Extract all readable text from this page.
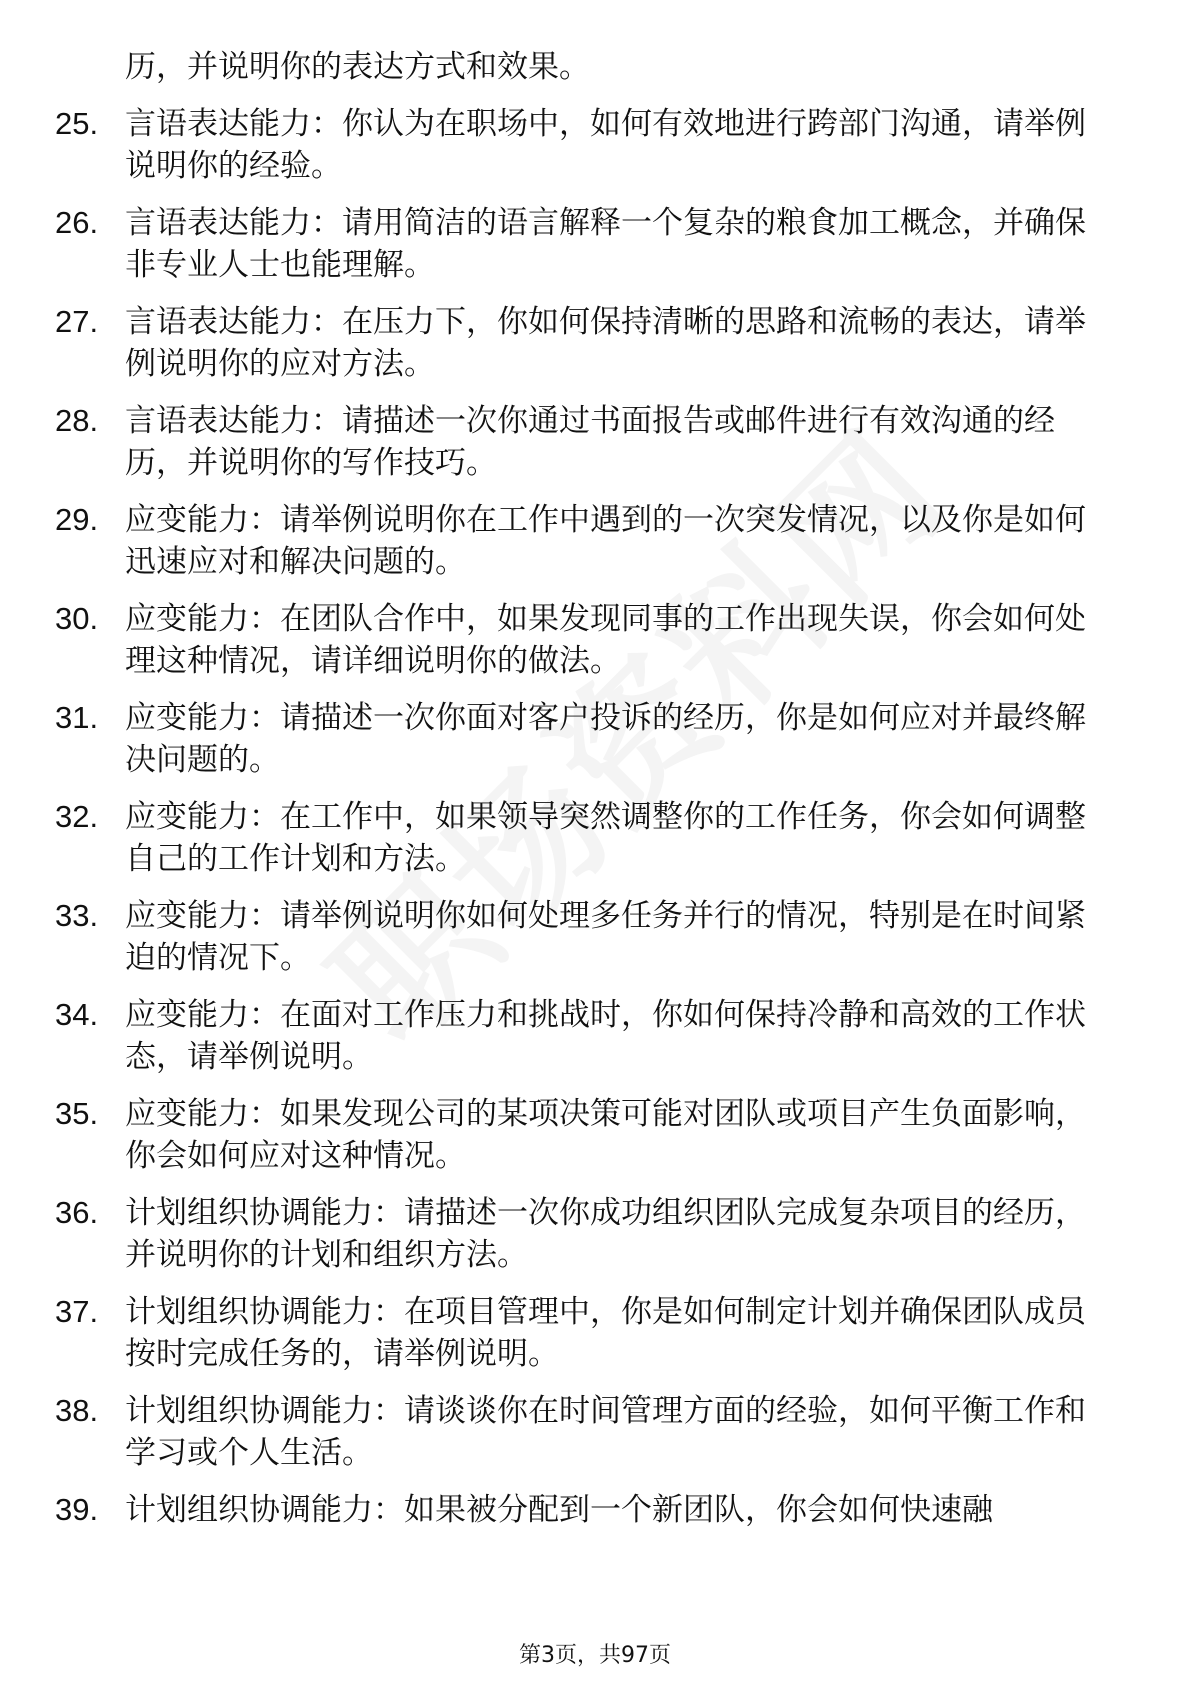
历，并说明你的表达方式和效果。
25. 言语表达能力：你认为在职场中，如何有效地进行跨部门沟通，请举例说明你的经验。
26. 言语表达能力：请用简洁的语言解释一个复杂的粮食加工概念，并确保非专业人士也能理解。
27. 言语表达能力：在压力下，你如何保持清晰的思路和流畅的表达，请举例说明你的应对方法。
28. 言语表达能力：请描述一次你通过书面报告或邮件进行有效沟通的经历，并说明你的写作技巧。
29. 应变能力：请举例说明你在工作中遇到的一次突发情况，以及你是如何迅速应对和解决问题的。
30. 应变能力：在团队合作中，如果发现同事的工作出现失误，你会如何处理这种情况，请详细说明你的做法。
31. 应变能力：请描述一次你面对客户投诉的经历，你是如何应对并最终解决问题的。
32. 应变能力：在工作中，如果领导突然调整你的工作任务，你会如何调整自己的工作计划和方法。
33. 应变能力：请举例说明你如何处理多任务并行的情况，特别是在时间紧迫的情况下。
34. 应变能力：在面对工作压力和挑战时，你如何保持冷静和高效的工作状态，请举例说明。
35. 应变能力：如果发现公司的某项决策可能对团队或项目产生负面影响，你会如何应对这种情况。
36. 计划组织协调能力：请描述一次你成功组织团队完成复杂项目的经历，并说明你的计划和组织方法。
37. 计划组织协调能力：在项目管理中，你是如何制定计划并确保团队成员按时完成任务的，请举例说明。
38. 计划组织协调能力：请谈谈你在时间管理方面的经验，如何平衡工作和学习或个人生活。
39. 计划组织协调能力：如果被分配到一个新团队，你会如何快速融
第3页，共97页
